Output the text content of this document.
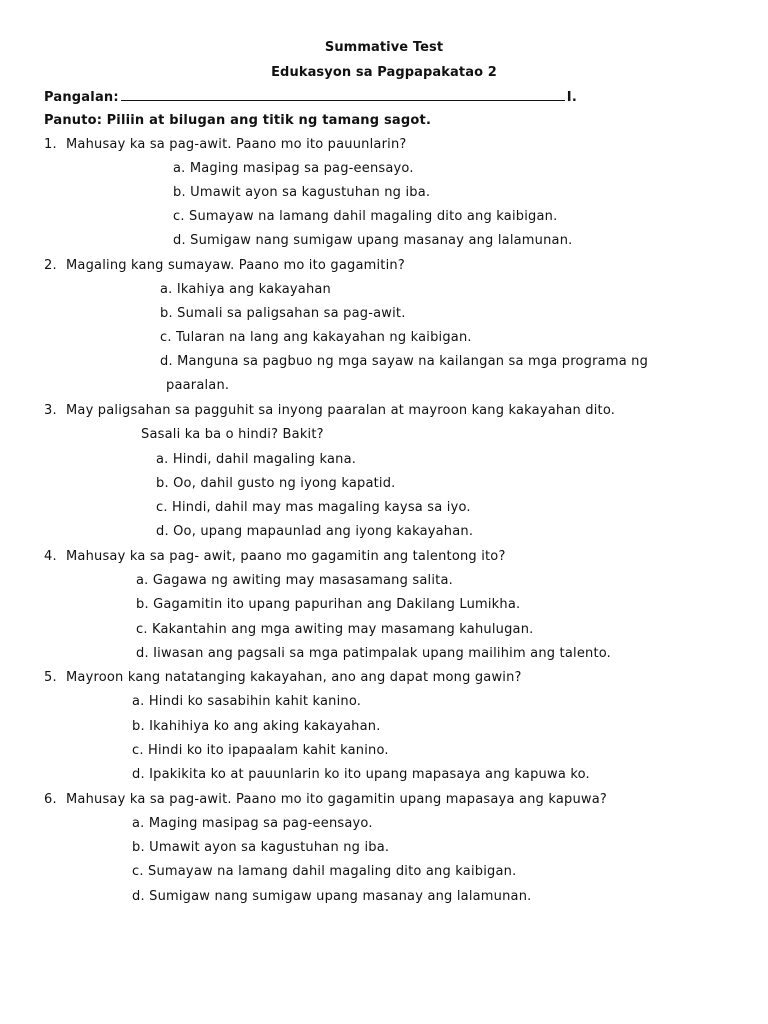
Summative Test
Edukasyon sa Pagpapakatao 2
Pangalan:	I.
Panuto: Piliin at bilugan ang titik ng tamang sagot.
1. Mahusay ka sa pag-awit. Paano mo ito pauunlarin?
a. Maging masipag sa pag-eensayo.
b. Umawit ayon sa kagustuhan ng iba.
c. Sumayaw na lamang dahil magaling dito ang kaibigan.
d. Sumigaw nang sumigaw upang masanay ang lalamunan.
2. Magaling kang sumayaw. Paano mo ito gagamitin?
a. Ikahiya ang kakayahan
b. Sumali sa paligsahan sa pag-awit.
c. Tularan na lang ang kakayahan ng kaibigan.
d. Manguna sa pagbuo ng mga sayaw na kailangan sa mga programa ng
paaralan.
3. May paligsahan sa pagguhit sa inyong paaralan at mayroon kang kakayahan dito.
Sasali ka ba o hindi? Bakit?
a. Hindi, dahil magaling kana.
b. Oo, dahil gusto ng iyong kapatid.
c. Hindi, dahil may mas magaling kaysa sa iyo.
d. Oo, upang mapaunlad ang iyong kakayahan.
4. Mahusay ka sa pag- awit, paano mo gagamitin ang talentong ito?
a. Gagawa ng awiting may masasamang salita.
b. Gagamitin ito upang papurihan ang Dakilang Lumikha.
c. Kakantahin ang mga awiting may masamang kahulugan.
d. Iiwasan ang pagsali sa mga patimpalak upang mailihim ang talento.
5. Mayroon kang natatanging kakayahan, ano ang dapat mong gawin?
a. Hindi ko sasabihin kahit kanino.
b. Ikahihiya ko ang aking kakayahan.
c. Hindi ko ito ipapaalam kahit kanino.
d. Ipakikita ko at pauunlarin ko ito upang mapasaya ang kapuwa ko.
6. Mahusay ka sa pag-awit. Paano mo ito gagamitin upang mapasaya ang kapuwa?
a. Maging masipag sa pag-eensayo.
b. Umawit ayon sa kagustuhan ng iba.
c. Sumayaw na lamang dahil magaling dito ang kaibigan.
d. Sumigaw nang sumigaw upang masanay ang lalamunan.
